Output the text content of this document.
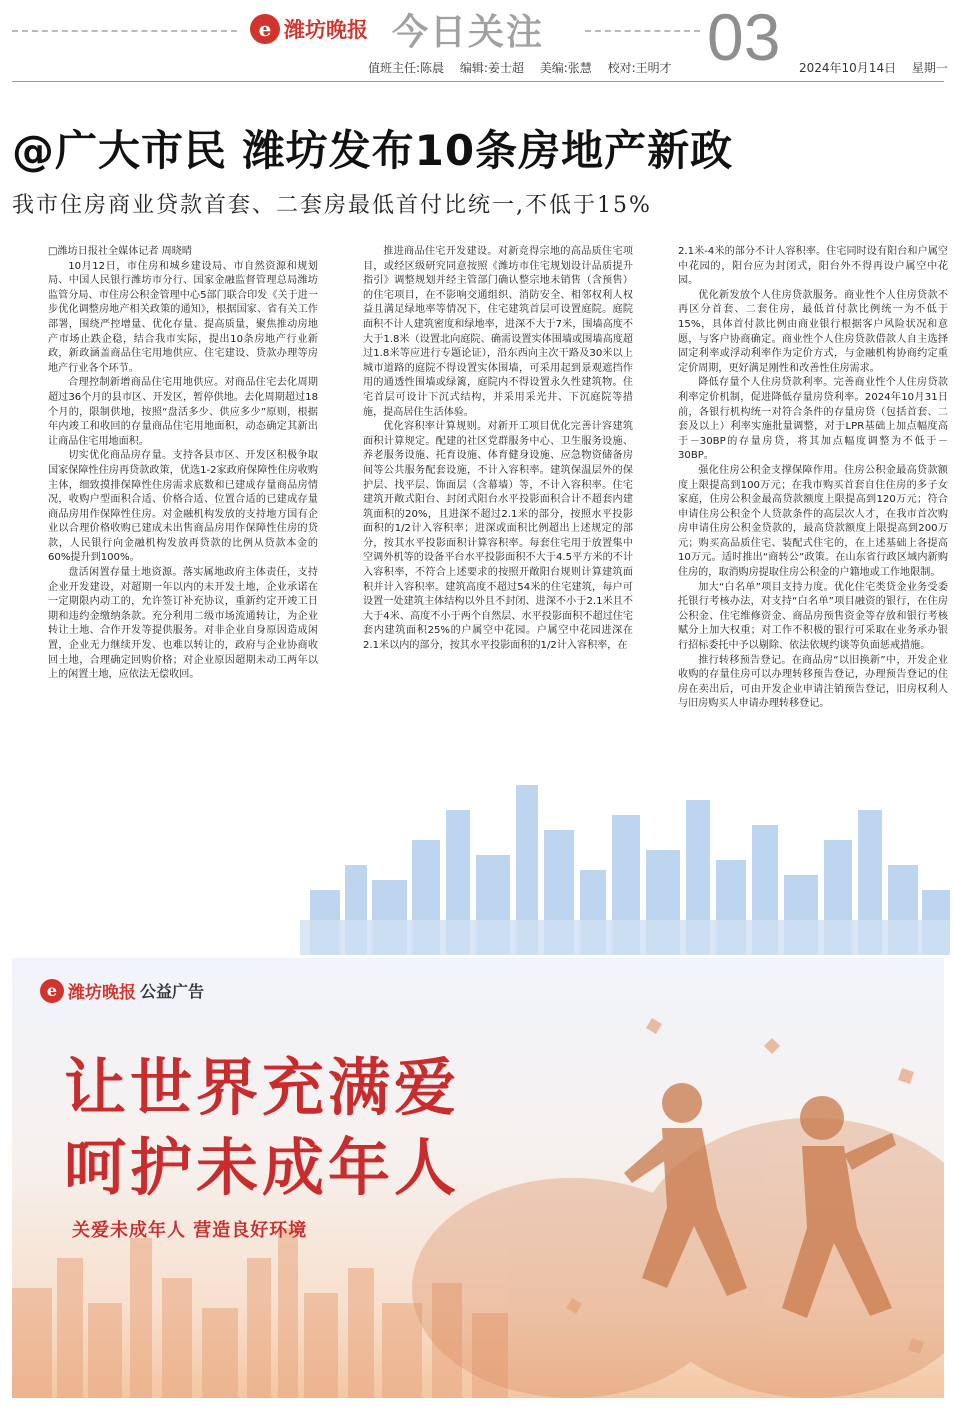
e 潍坊晚报 今日关注
值班主任:陈晨 编辑:姜士超 美编:张慧 校对:王明才 03 2024年10月14日 星期一
@广大市民 潍坊发布10条房地产新政
我市住房商业贷款首套、二套房最低首付比统一,不低于15%

□潍坊日报社全媒体记者 周晓晴

10月12日，市住房和城乡建设局、市自然资源和规划局、中国人民银行潍坊市分行、国家金融监督管理总局潍坊监管分局、市住房公积金管理中心5部门联合印发《关于进一步优化调整房地产相关政策的通知》，根据国家、省有关工作部署，围绕严控增量、优化存量、提高质量，聚焦推动房地产市场止跌企稳，结合我市实际，提出10条房地产行业新政，新政涵盖商品住宅用地供应、住宅建设、贷款办理等房地产行业各个环节。

合理控制新增商品住宅用地供应。对商品住宅去化周期超过36个月的县市区、开发区，暂停供地。去化周期超过18个月的，限制供地，按照“盘活多少、供应多少”原则，根据年内竣工和收回的存量商品住宅用地面积，动态确定其新出让商品住宅用地面积。

切实优化商品房存量。支持各县市区、开发区积极争取国家保障性住房再贷款政策，优选1-2家政府保障性住房收购主体，细致摸排保障性住房需求底数和已建成存量商品房情况，收购户型面积合适、价格合适、位置合适的已建成存量商品房用作保障性住房。对金融机构发放的支持地方国有企业以合理价格收购已建成未出售商品房用作保障性住房的贷款，人民银行向金融机构发放再贷款的比例从贷款本金的60%提升到100%。

盘活闲置存量土地资源。落实属地政府主体责任，支持企业开发建设，对超期一年以内的未开发土地，企业承诺在一定期限内动工的，允许签订补充协议，重新约定开竣工日期和违约金缴纳条款。充分利用二级市场流通转让，为企业转让土地、合作开发等提供服务。对非企业自身原因造成闲置，企业无力继续开发、也难以转让的，政府与企业协商收回土地，合理确定回购价格；对企业原因超期未动工两年以上的闲置土地，应依法无偿收回。

推进商品住宅开发建设。对新竞得宗地的高品质住宅项目，或经区级研究同意按照《潍坊市住宅规划设计品质提升指引》调整规划并经主管部门确认整宗地未销售（含预售）的住宅项目，在不影响交通组织、消防安全、相邻权利人权益且满足绿地率等情况下，住宅建筑首层可设置庭院。庭院面积不计人建筑密度和绿地率，进深不大于7米，围墙高度不大于1.8米（设置北向庭院、确需设置实体围墙或围墙高度超过1.8米等应进行专题论证），沿东西向主次干路及30米以上城市道路的庭院不得设置实体围墙，可采用起到景观遮挡作用的通透性围墙或绿篱，庭院内不得设置永久性建筑物。住宅首层可设计下沉式结构，并采用采光井、下沉庭院等措施，提高居住生活体验。

优化容积率计算规则。对新开工项目优化完善计容建筑面积计算规定。配建的社区党群服务中心、卫生服务设施、养老服务设施、托育设施、体育健身设施、应急物资储备房间等公共服务配套设施，不计入容积率。建筑保温层外的保护层、找平层、饰面层（含幕墙）等，不计入容积率。住宅建筑开敞式阳台、封闭式阳台水平投影面积合计不超套内建筑面积的20%，且进深不超过2.1米的部分，按照水平投影面积的1/2计入容积率；进深或面积比例超出上述规定的部分，按其水平投影面积计算容积率。每套住宅用于放置集中空调外机等的设备平台水平投影面积不大于4.5平方米的不计入容积率，不符合上述要求的按照开敞阳台规则计算建筑面积并计入容积率。建筑高度不超过54米的住宅建筑，每户可设置一处建筑主体结构以外且不封闭、进深不小于2.1米且不大于4米、高度不小于两个自然层、水平投影面积不超过住宅套内建筑面积25%的户属空中花园。户属空中花园进深在2.1米以内的部分，按其水平投影面积的1/2计入容积率，在

2.1米-4米的部分不计人容积率。住宅同时设有阳台和户属空中花园的，阳台应为封闭式，阳台外不得再设户属空中花园。

优化新发放个人住房贷款服务。商业性个人住房贷款不再区分首套、二套住房，最低首付款比例统一为不低于15%，具体首付款比例由商业银行根据客户风险状况和意愿，与客户协商确定。商业性个人住房贷款借款人自主选择固定利率或浮动利率作为定价方式，与金融机构协商约定重定价周期，更好满足刚性和改善性住房需求。

降低存量个人住房贷款利率。完善商业性个人住房贷款利率定价机制，促进降低存量房贷利率。2024年10月31日前，各银行机构统一对符合条件的存量房贷（包括首套、二套及以上）利率实施批量调整，对于LPR基础上加点幅度高于－30BP的存量房贷，将其加点幅度调整为不低于－30BP。

强化住房公积金支撑保障作用。住房公积金最高贷款额度上限提高到100万元；在我市购买首套自住住房的多子女家庭，住房公积金最高贷款额度上限提高到120万元；符合申请住房公积金个人贷款条件的高层次人才，在我市首次购房申请住房公积金贷款的，最高贷款额度上限提高到200万元；购买高品质住宅、装配式住宅的，在上述基础上各提高10万元。适时推出“商转公”政策。在山东省行政区域内新购住房的，取消购房提取住房公积金的户籍地或工作地限制。

加大“白名单”项目支持力度。优化住宅类贷金业务受委托银行考核办法，对支持“白名单”项目融资的银行，在住房公积金、住宅维修资金、商品房预售资金等存放和银行考核赋分上加大权重；对工作不积极的银行可采取在业务承办银行招标委托中予以剔除、依法依规约谈等负面惩戒措施。

推行转移预告登记。在商品房“以旧换新”中，开发企业收购的存量住房可以办理转移预告登记，办理预告登记的住房在卖出后，可由开发企业申请注销预告登记，旧房权利人与旧房购买人申请办理转移登记。

e 潍坊晚报 公益广告
让世界充满爱
呵护未成年人
关爱未成年人 营造良好环境
